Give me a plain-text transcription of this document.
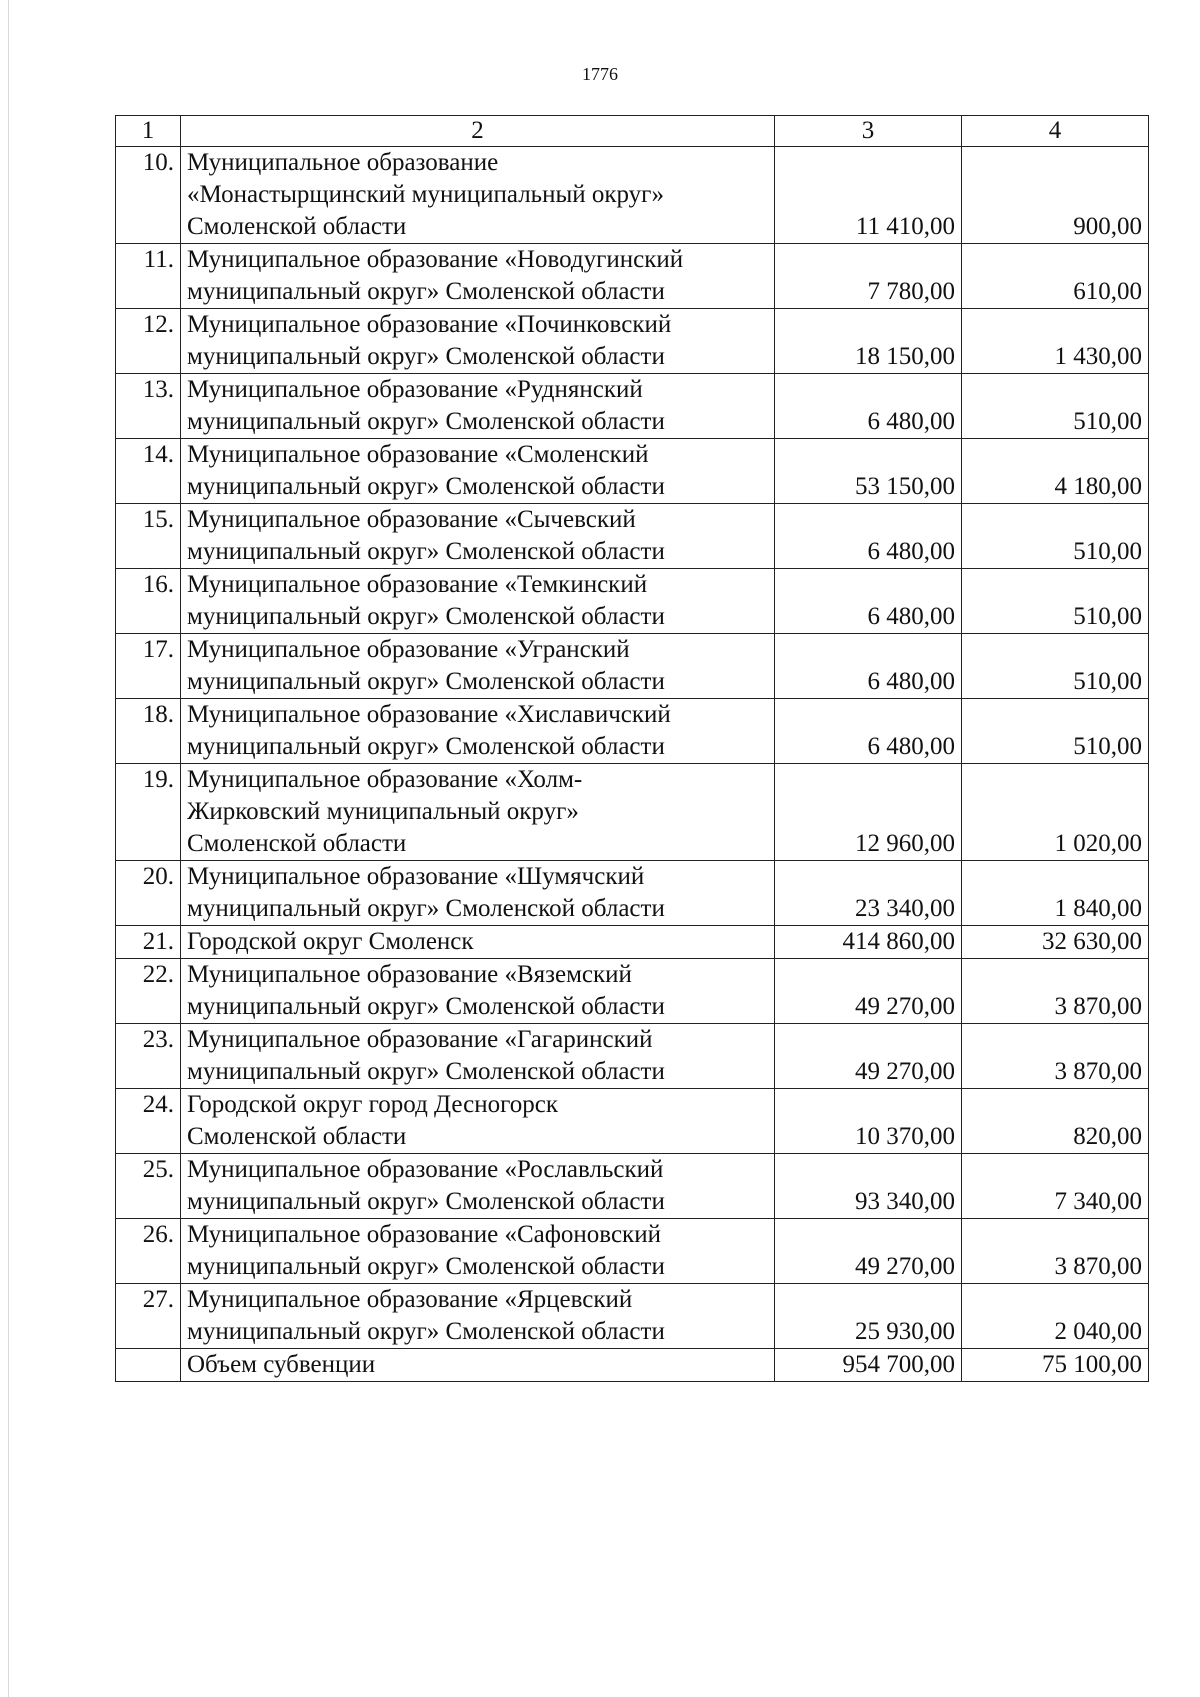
1776
1	2	3	4
10.	Муниципальное образование
«Монастырщинский муниципальный округ»
Смоленской области	11 410,00	900,00
11.	Муниципальное образование «Новодугинский
муниципальный округ» Смоленской области	7 780,00	610,00
12.	Муниципальное образование «Починковский
муниципальный округ» Смоленской области	18 150,00	1 430,00
13.	Муниципальное образование «Руднянский
муниципальный округ» Смоленской области	6 480,00	510,00
14.	Муниципальное образование «Смоленский
муниципальный округ» Смоленской области	53 150,00	4 180,00
15.	Муниципальное образование «Сычевский
муниципальный округ» Смоленской области	6 480,00	510,00
16.	Муниципальное образование «Темкинский
муниципальный округ» Смоленской области	6 480,00	510,00
17.	Муниципальное образование «Угранский
муниципальный округ» Смоленской области	6 480,00	510,00
18.	Муниципальное образование «Хиславичский
муниципальный округ» Смоленской области	6 480,00	510,00
19.	Муниципальное образование «Холм-
Жирковский муниципальный округ»
Смоленской области	12 960,00	1 020,00
20.	Муниципальное образование «Шумячский
муниципальный округ» Смоленской области	23 340,00	1 840,00
21.	Городской округ Смоленск	414 860,00	32 630,00
22.	Муниципальное образование «Вяземский
муниципальный округ» Смоленской области	49 270,00	3 870,00
23.	Муниципальное образование «Гагаринский
муниципальный округ» Смоленской области	49 270,00	3 870,00
24.	Городской округ город Десногорск
Смоленской области	10 370,00	820,00
25.	Муниципальное образование «Рославльский
муниципальный округ» Смоленской области	93 340,00	7 340,00
26.	Муниципальное образование «Сафоновский
муниципальный округ» Смоленской области	49 270,00	3 870,00
27.	Муниципальное образование «Ярцевский
муниципальный округ» Смоленской области	25 930,00	2 040,00
	Объем субвенции	954 700,00	75 100,00
